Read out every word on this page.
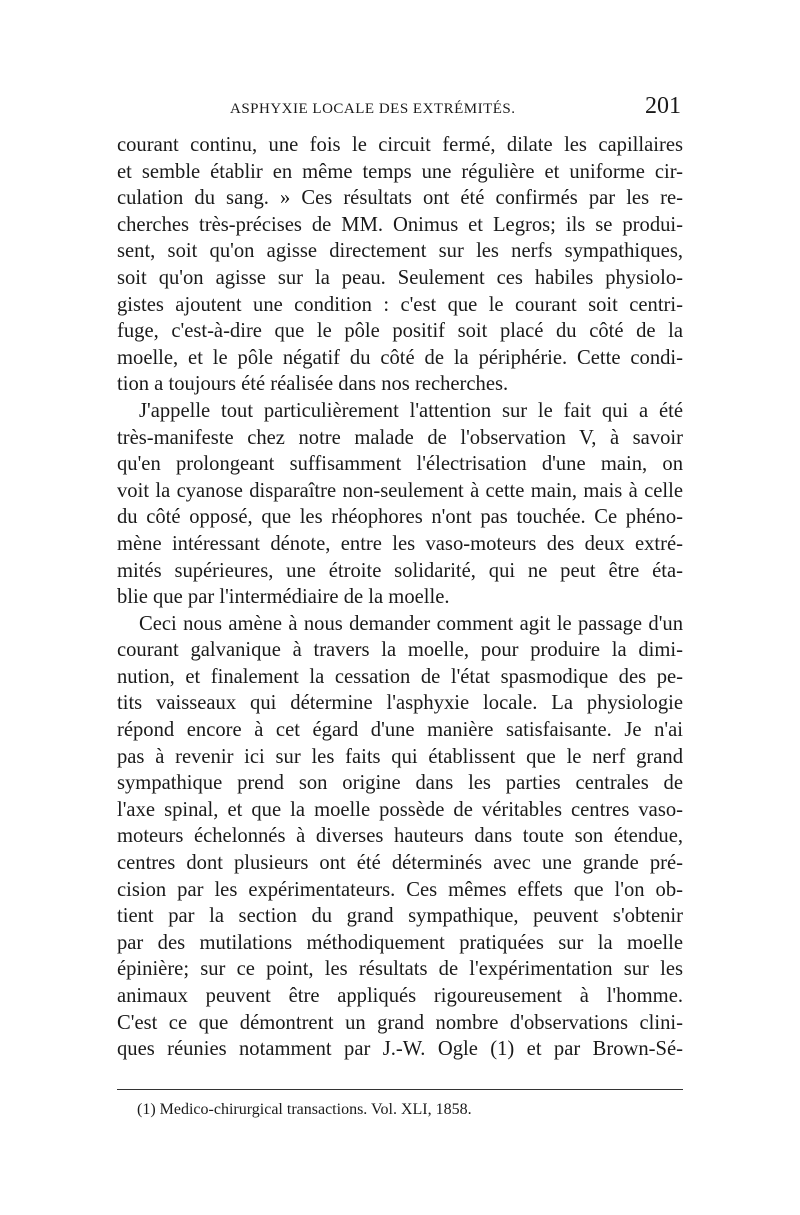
ASPHYXIE LOCALE DES EXTRÉMITÉS.	201
courant continu, une fois le circuit fermé, dilate les capillaires
et semble établir en même temps une régulière et uniforme cir-
culation du sang. » Ces résultats ont été confirmés par les re-
cherches très-précises de MM. Onimus et Legros; ils se produi-
sent, soit qu'on agisse directement sur les nerfs sympathiques,
soit qu'on agisse sur la peau. Seulement ces habiles physiolo-
gistes ajoutent une condition : c'est que le courant soit centri-
fuge, c'est-à-dire que le pôle positif soit placé du côté de la
moelle, et le pôle négatif du côté de la périphérie. Cette condi-
tion a toujours été réalisée dans nos recherches.
J'appelle tout particulièrement l'attention sur le fait qui a été
très-manifeste chez notre malade de l'observation V, à savoir
qu'en prolongeant suffisamment l'électrisation d'une main, on
voit la cyanose disparaître non-seulement à cette main, mais à celle
du côté opposé, que les rhéophores n'ont pas touchée. Ce phéno-
mène intéressant dénote, entre les vaso-moteurs des deux extré-
mités supérieures, une étroite solidarité, qui ne peut être éta-
blie que par l'intermédiaire de la moelle.
Ceci nous amène à nous demander comment agit le passage d'un
courant galvanique à travers la moelle, pour produire la dimi-
nution, et finalement la cessation de l'état spasmodique des pe-
tits vaisseaux qui détermine l'asphyxie locale. La physiologie
répond encore à cet égard d'une manière satisfaisante. Je n'ai
pas à revenir ici sur les faits qui établissent que le nerf grand
sympathique prend son origine dans les parties centrales de
l'axe spinal, et que la moelle possède de véritables centres vaso-
moteurs échelonnés à diverses hauteurs dans toute son étendue,
centres dont plusieurs ont été déterminés avec une grande pré-
cision par les expérimentateurs. Ces mêmes effets que l'on ob-
tient par la section du grand sympathique, peuvent s'obtenir
par des mutilations méthodiquement pratiquées sur la moelle
épinière; sur ce point, les résultats de l'expérimentation sur les
animaux peuvent être appliqués rigoureusement à l'homme.
C'est ce que démontrent un grand nombre d'observations clini-
ques réunies notamment par J.-W. Ogle (1) et par Brown-Sé-
(1) Medico-chirurgical transactions. Vol. XLI, 1858.
